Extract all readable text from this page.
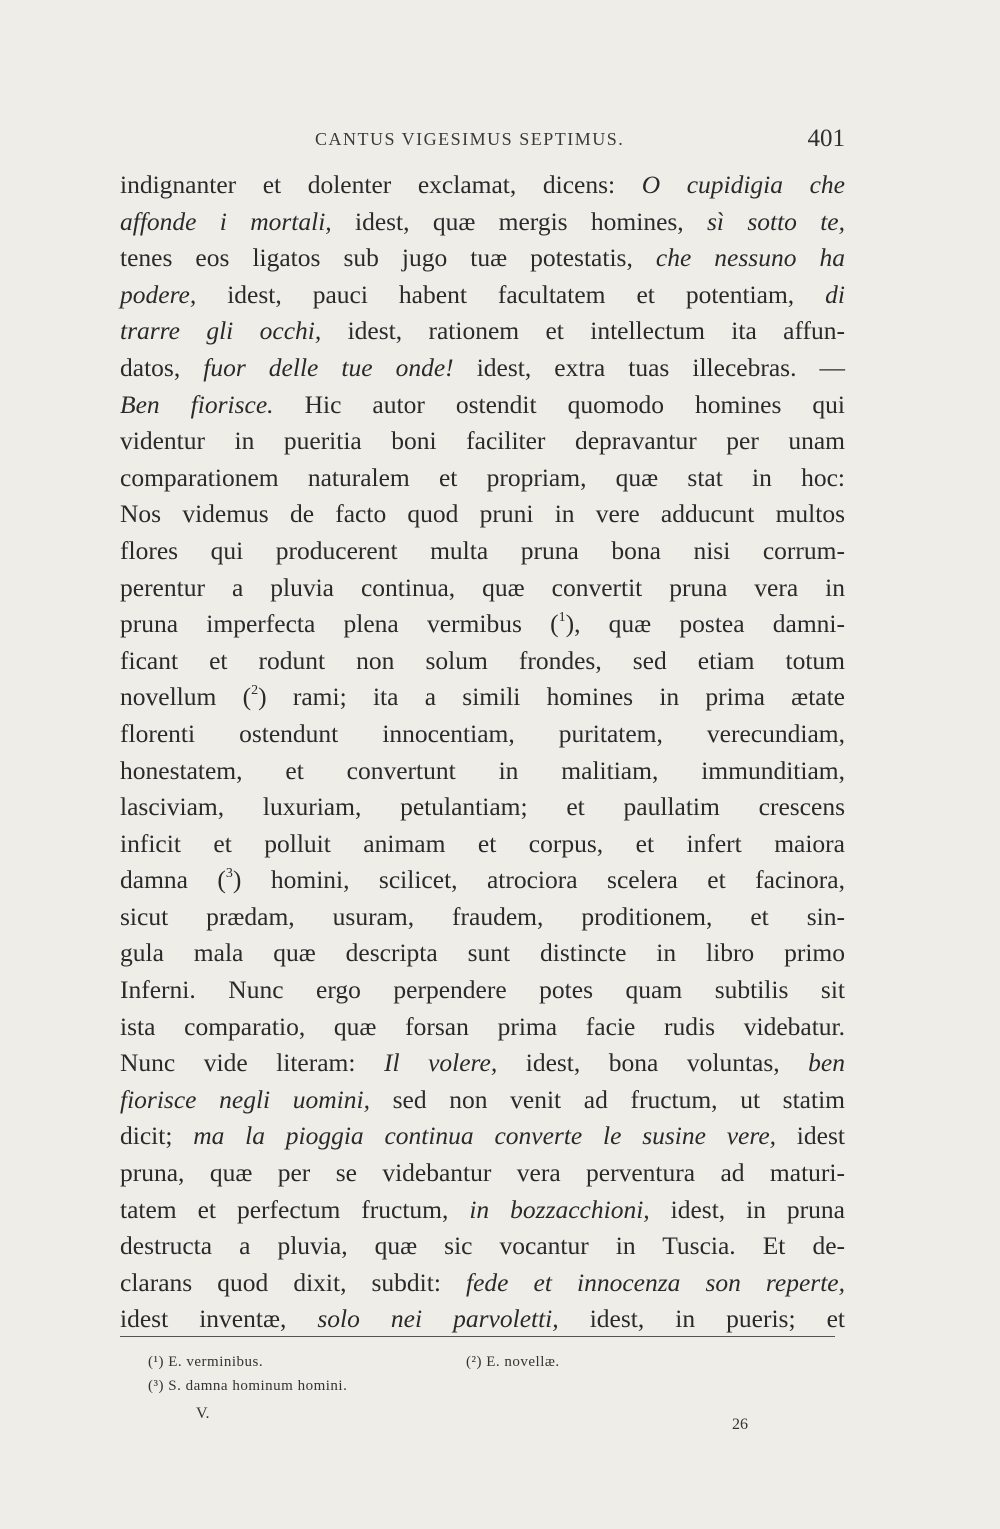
CANTUS VIGESIMUS SEPTIMUS.	401
indignanter et dolenter exclamat, dicens: O cupidigia che
affonde i mortali, idest, quæ mergis homines, sì sotto te,
tenes eos ligatos sub jugo tuæ potestatis, che nessuno ha
podere, idest, pauci habent facultatem et potentiam, di
trarre gli occhi, idest, rationem et intellectum ita affun-
datos, fuor delle tue onde! idest, extra tuas illecebras. —
Ben fiorisce. Hic autor ostendit quomodo homines qui
videntur in pueritia boni faciliter depravantur per unam
comparationem naturalem et propriam, quæ stat in hoc:
Nos videmus de facto quod pruni in vere adducunt multos
flores qui producerent multa pruna bona nisi corrum-
perentur a pluvia continua, quæ convertit pruna vera in
pruna imperfecta plena vermibus ($^1$), quæ postea damni-
ficant et rodunt non solum frondes, sed etiam totum
novellum ($^2$) rami; ita a simili homines in prima ætate
florenti ostendunt innocentiam, puritatem, verecundiam,
honestatem, et convertunt in malitiam, immunditiam,
lasciviam, luxuriam, petulantiam; et paullatim crescens
inficit et polluit animam et corpus, et infert maiora
damna ($^3$) homini, scilicet, atrociora scelera et facinora,
sicut prædam, usuram, fraudem, proditionem, et sin-
gula mala quæ descripta sunt distincte in libro primo
Inferni. Nunc ergo perpendere potes quam subtilis sit
ista comparatio, quæ forsan prima facie rudis videbatur.
Nunc vide literam: Il volere, idest, bona voluntas, ben
fiorisce negli uomini, sed non venit ad fructum, ut statim
dicit; ma la pioggia continua converte le susine vere, idest
pruna, quæ per se videbantur vera perventura ad maturi-
tatem et perfectum fructum, in bozzacchioni, idest, in pruna
destructa a pluvia, quæ sic vocantur in Tuscia. Et de-
clarans quod dixit, subdit: fede et innocenza son reperte,
idest inventæ, solo nei parvoletti, idest, in pueris; et
(¹) E. verminibus.	(²) E. novellæ.
(³) S. damna hominum homini.
V.
26
